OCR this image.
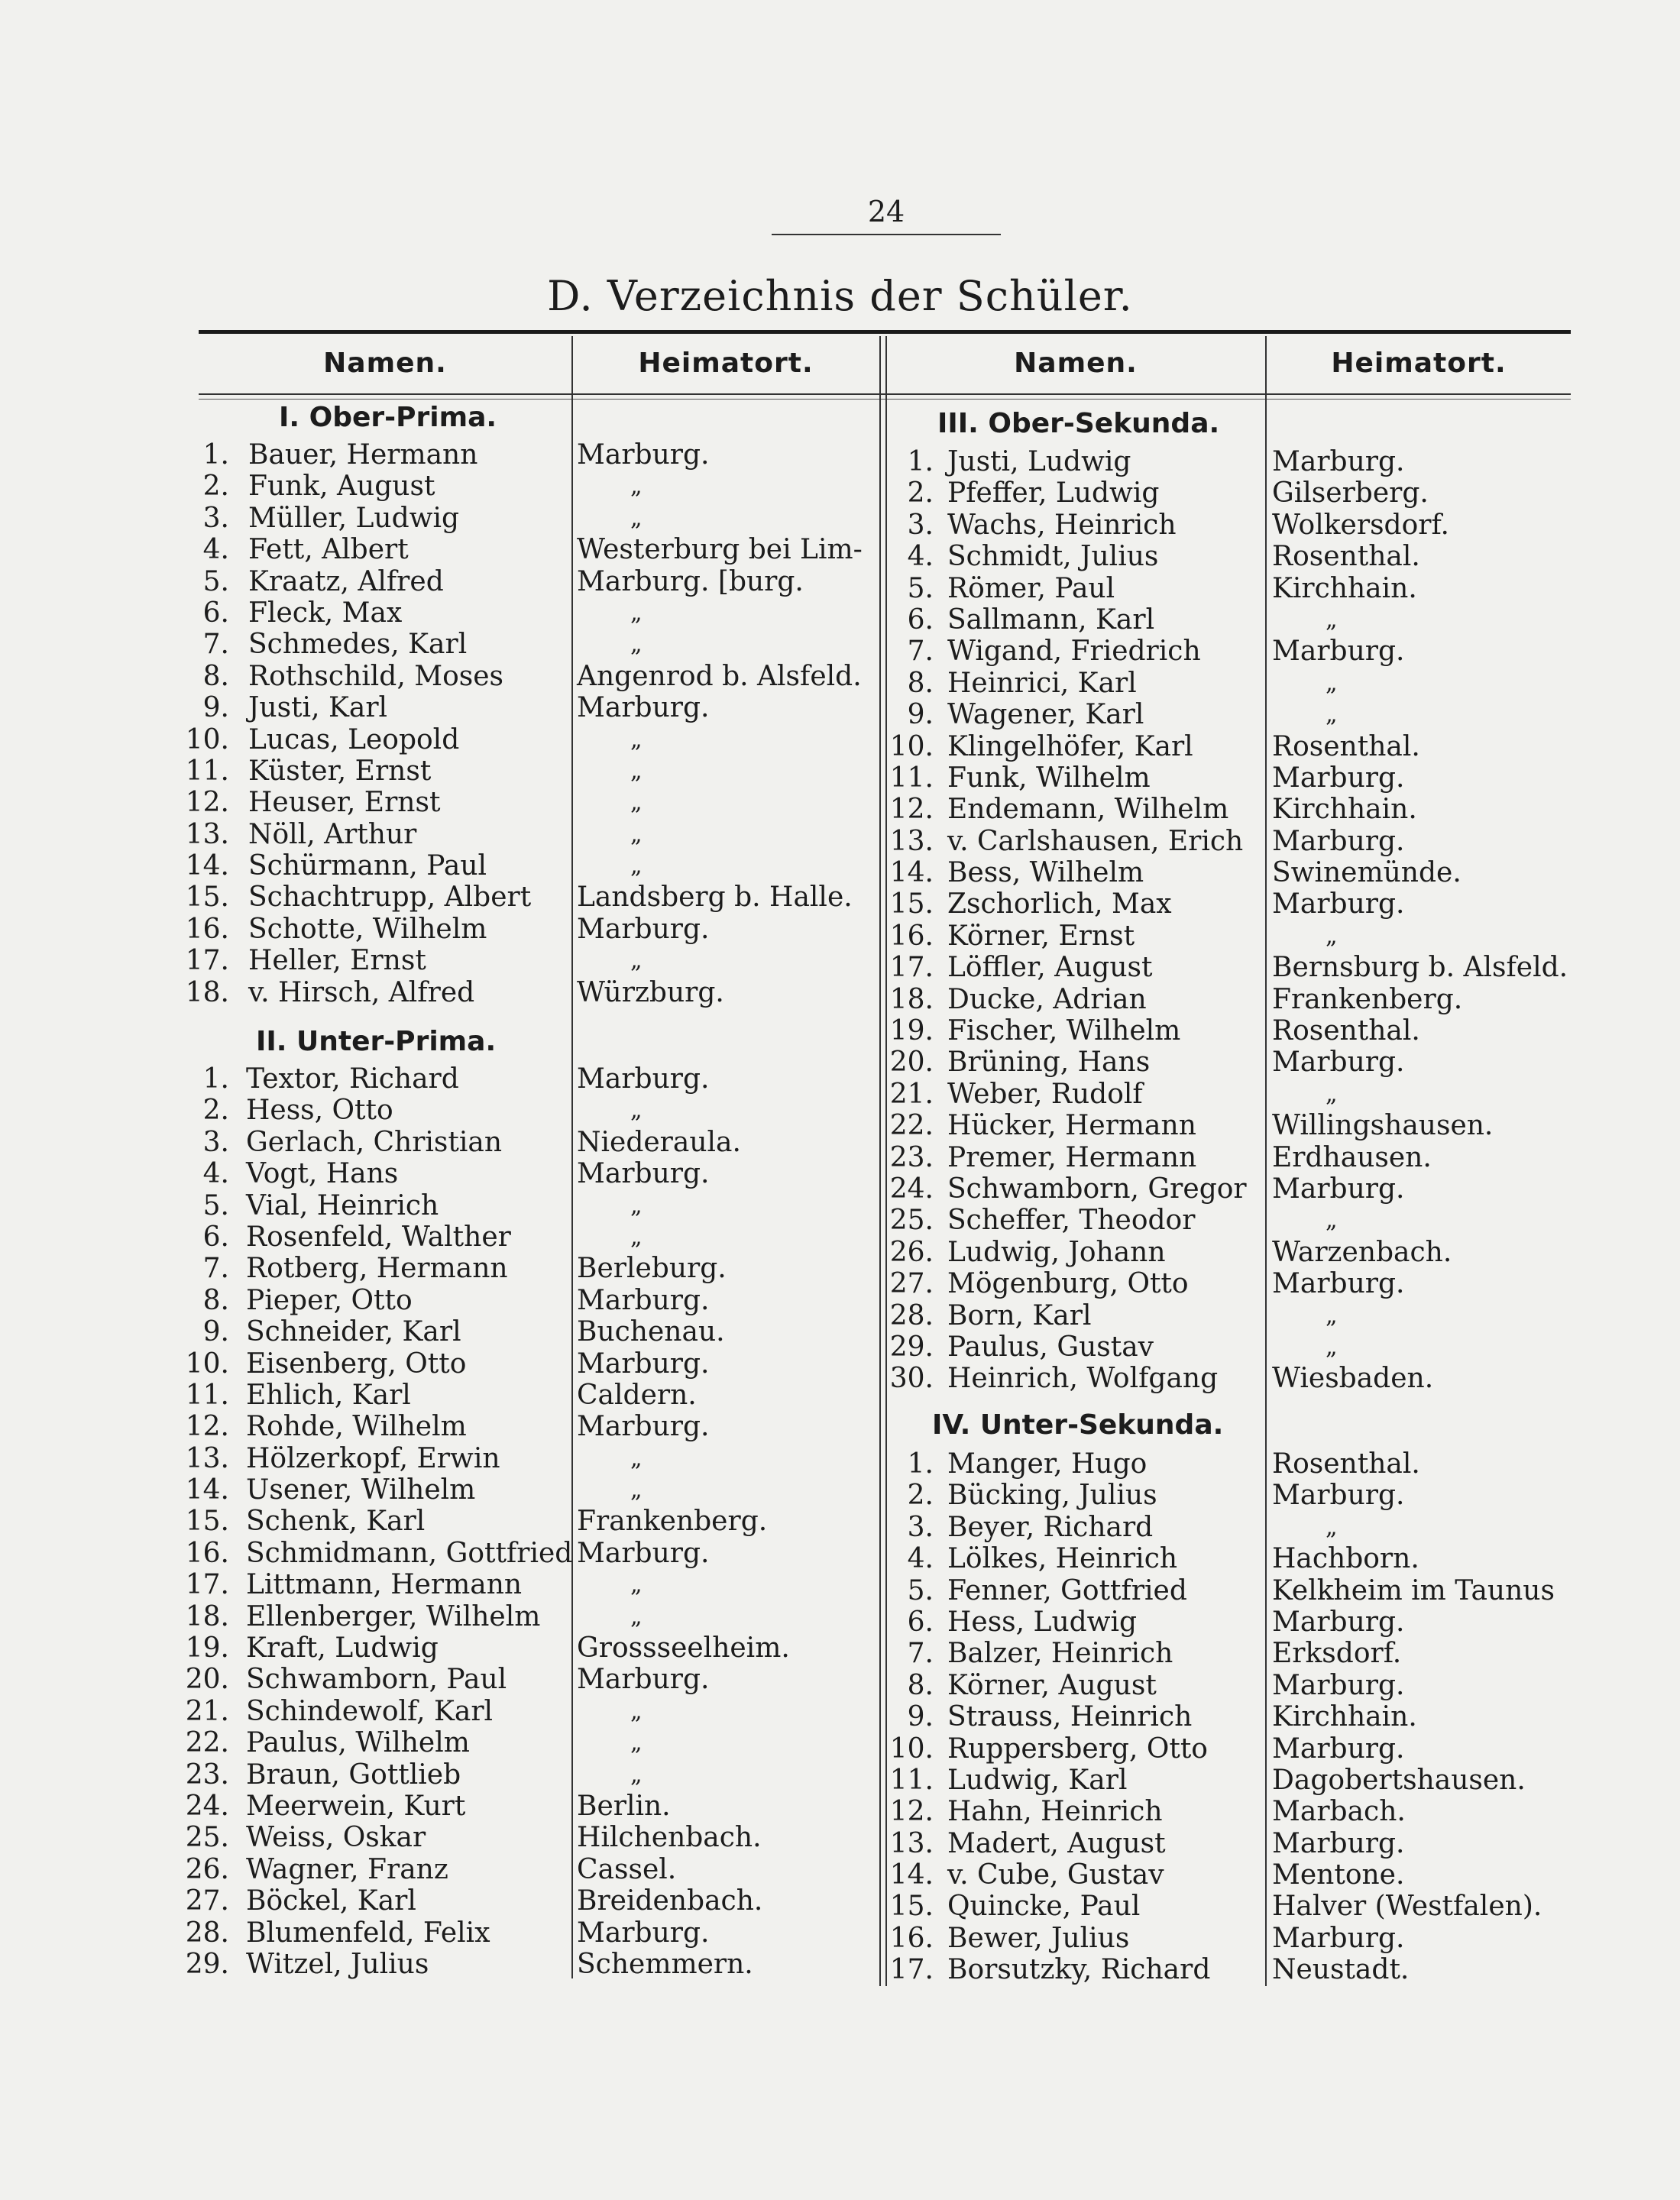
24
D. Verzeichnis der Schüler.
Namen.	Heimatort.	Namen.	Heimatort.
I. Ober-Prima.
1. Bauer, Hermann	Marburg.
2. Funk, August	„
3. Müller, Ludwig	„
4. Fett, Albert	Westerburg bei Lim-
5. Kraatz, Alfred	Marburg. [burg.
6. Fleck, Max	„
7. Schmedes, Karl	„
8. Rothschild, Moses	Angenrod b. Alsfeld.
9. Justi, Karl	Marburg.
10. Lucas, Leopold	„
11. Küster, Ernst	„
12. Heuser, Ernst	„
13. Nöll, Arthur	„
14. Schürmann, Paul	„
15. Schachtrupp, Albert Landsberg b. Halle.
16. Schotte, Wilhelm	Marburg.
17. Heller, Ernst	„
18. v. Hirsch, Alfred	Würzburg.
II. Unter-Prima.
1. Textor, Richard	Marburg.
2. Hess, Otto	„
3. Gerlach, Christian	Niederaula.
4. Vogt, Hans	Marburg.
5. Vial, Heinrich	„
6. Rosenfeld, Walther	„
7. Rotberg, Hermann	Berleburg.
8. Pieper, Otto	Marburg.
9. Schneider, Karl	Buchenau.
10. Eisenberg, Otto	Marburg.
11. Ehlich, Karl	Caldern.
12. Rohde, Wilhelm	Marburg.
13. Hölzerkopf, Erwin	„
14. Usener, Wilhelm	„
15. Schenk, Karl	Frankenberg.
16. Schmidmann, Gottfried Marburg.
17. Littmann, Hermann	„
18. Ellenberger, Wilhelm	„
19. Kraft, Ludwig	Grossseelheim.
20. Schwamborn, Paul	Marburg.
21. Schindewolf, Karl	„
22. Paulus, Wilhelm	„
23. Braun, Gottlieb	„
24. Meerwein, Kurt	Berlin.
25. Weiss, Oskar	Hilchenbach.
26. Wagner, Franz	Cassel.
27. Böckel, Karl	Breidenbach.
28. Blumenfeld, Felix	Marburg.
29. Witzel, Julius	Schemmern.
III. Ober-Sekunda.
1. Justi, Ludwig	Marburg.
2. Pfeffer, Ludwig	Gilserberg.
3. Wachs, Heinrich	Wolkersdorf.
4. Schmidt, Julius	Rosenthal.
5. Römer, Paul	Kirchhain.
6. Sallmann, Karl	„
7. Wigand, Friedrich	Marburg.
8. Heinrici, Karl	„
9. Wagener, Karl	„
10. Klingelhöfer, Karl	Rosenthal.
11. Funk, Wilhelm	Marburg.
12. Endemann, Wilhelm Kirchhain.
13. v. Carlshausen, Erich Marburg.
14. Bess, Wilhelm	Swinemünde.
15. Zschorlich, Max	Marburg.
16. Körner, Ernst	„
17. Löffler, August	Bernsburg b. Alsfeld.
18. Ducke, Adrian	Frankenberg.
19. Fischer, Wilhelm	Rosenthal.
20. Brüning, Hans	Marburg.
21. Weber, Rudolf	„
22. Hücker, Hermann	Willingshausen.
23. Premer, Hermann	Erdhausen.
24. Schwamborn, Gregor Marburg.
25. Scheffer, Theodor	„
26. Ludwig, Johann	Warzenbach.
27. Mögenburg, Otto	Marburg.
28. Born, Karl	„
29. Paulus, Gustav	„
30. Heinrich, Wolfgang Wiesbaden.
IV. Unter-Sekunda.
1. Manger, Hugo	Rosenthal.
2. Bücking, Julius	Marburg.
3. Beyer, Richard	„
4. Lölkes, Heinrich	Hachborn.
5. Fenner, Gottfried	Kelkheim im Taunus
6. Hess, Ludwig	Marburg.
7. Balzer, Heinrich	Erksdorf.
8. Körner, August	Marburg.
9. Strauss, Heinrich	Kirchhain.
10. Ruppersberg, Otto Marburg.
11. Ludwig, Karl	Dagobertshausen.
12. Hahn, Heinrich	Marbach.
13. Madert, August	Marburg.
14. v. Cube, Gustav	Mentone.
15. Quincke, Paul	Halver (Westfalen).
16. Bewer, Julius	Marburg.
17. Borsutzky, Richard Neustadt.
